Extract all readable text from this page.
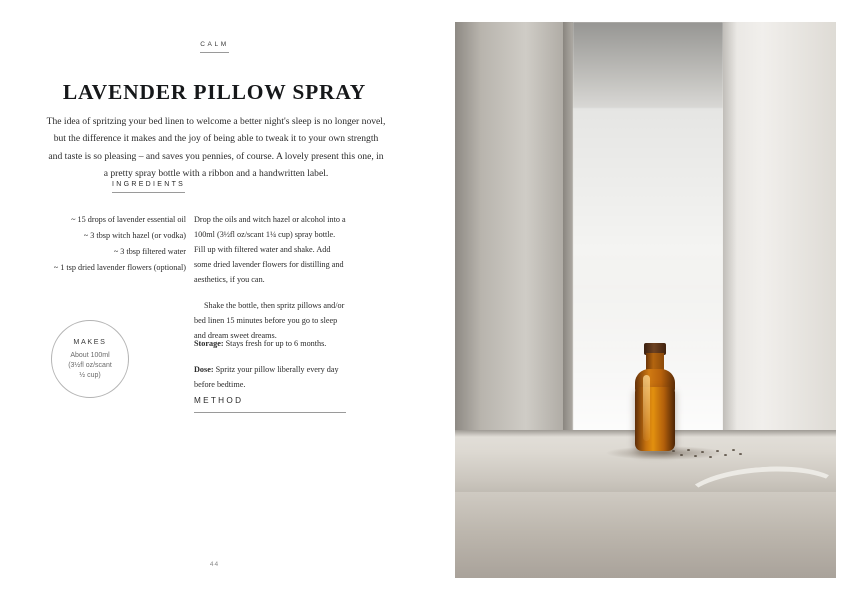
CALM
LAVENDER PILLOW SPRAY

The idea of spritzing your bed linen to welcome a better night's sleep is no longer novel, but the difference it makes and the joy of being able to tweak it to your own strength and taste is so pleasing – and saves you pennies, of course. A lovely present this one, in a pretty spray bottle with a ribbon and a handwritten label.

INGREDIENTS
METHOD
~ 15 drops of lavender essential oil
~ 3 tbsp witch hazel (or vodka)
~ 3 tbsp filtered water
~ 1 tsp dried lavender flowers (optional)

Drop the oils and witch hazel or alcohol into a 100ml (3½fl oz/scant 1¼ cup) spray bottle. Fill up with filtered water and shake. Add some dried lavender flowers for distilling and aesthetics, if you can.

Shake the bottle, then spritz pillows and/or bed linen 15 minutes before you go to sleep and dream sweet dreams.

Storage: Stays fresh for up to 6 months.

Dose: Spritz your pillow liberally every day before bedtime.

MAKES
About 100ml
(3½fl oz/scant
½ cup)
44
